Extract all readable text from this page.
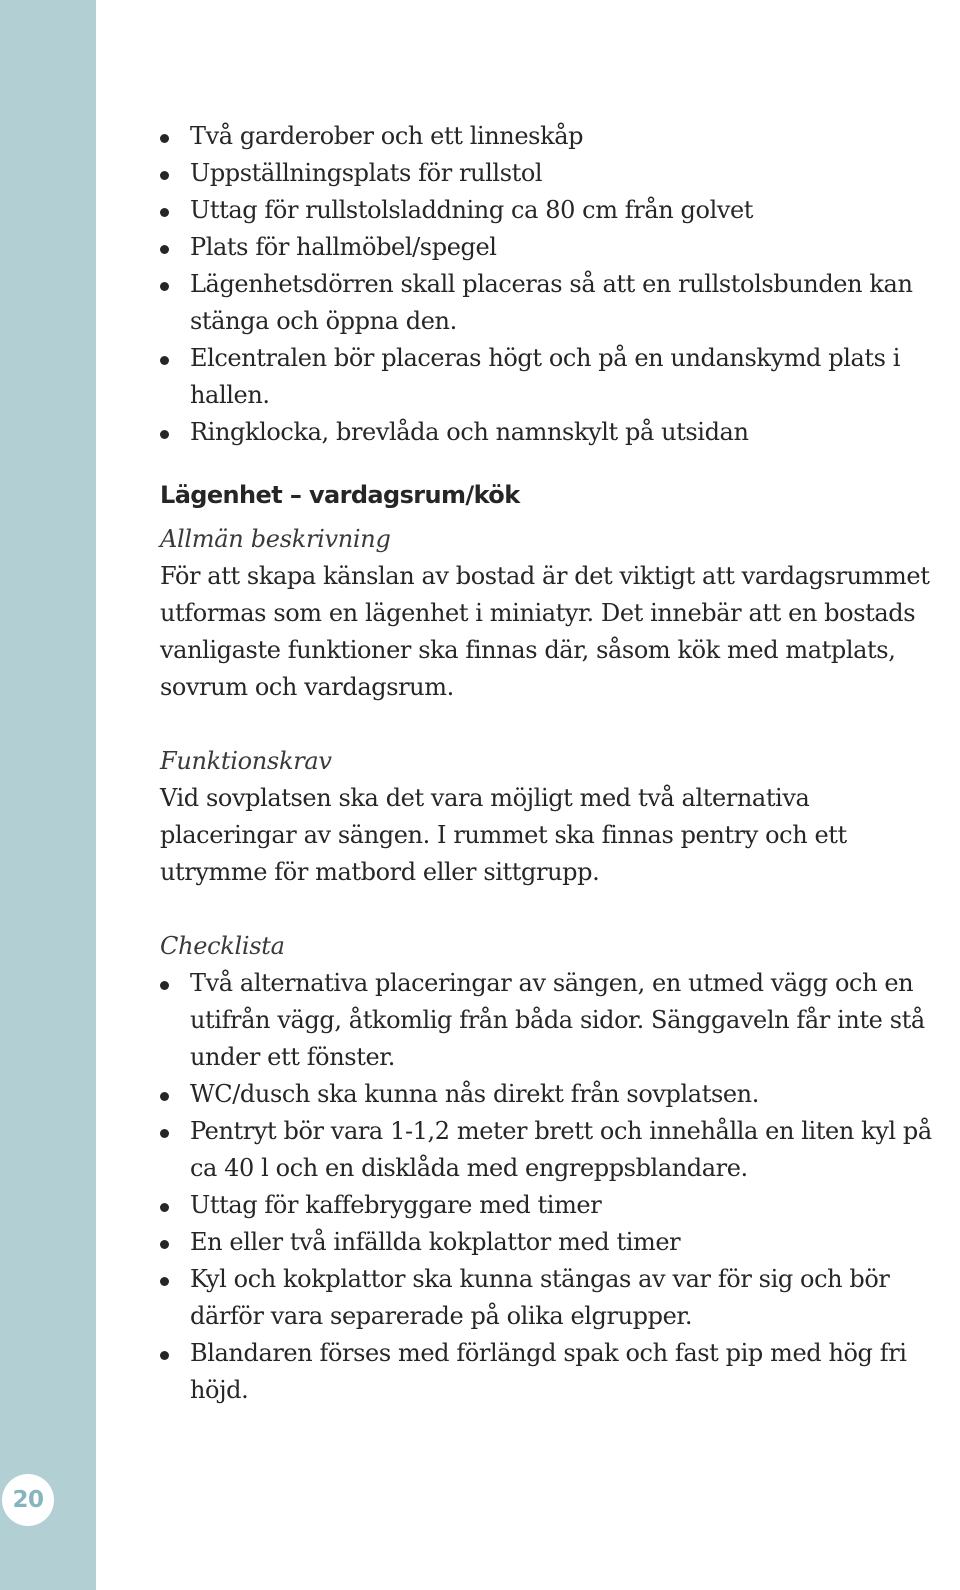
20
Två garderober och ett linneskåp
Uppställningsplats för rullstol
Uttag för rullstolsladdning ca 80 cm från golvet
Plats för hallmöbel/spegel
Lägenhetsdörren skall placeras så att en rullstolsbunden kan stänga och öppna den.
Elcentralen bör placeras högt och på en undanskymd plats i hallen.
Ringklocka, brevlåda och namnskylt på utsidan
Lägenhet – vardagsrum/kök
Allmän beskrivning

För att skapa känslan av bostad är det viktigt att vardagsrummet utformas som en lägenhet i miniatyr. Det innebär att en bostads vanligaste funktioner ska finnas där, såsom kök med matplats, sovrum och vardagsrum.

Funktionskrav

Vid sovplatsen ska det vara möjligt med två alternativa placeringar av sängen. I rummet ska finnas pentry och ett utrymme för matbord eller sittgrupp.

Checklista
Två alternativa placeringar av sängen, en utmed vägg och en utifrån vägg, åtkomlig från båda sidor. Sänggaveln får inte stå under ett fönster.
WC/dusch ska kunna nås direkt från sovplatsen.
Pentryt bör vara 1-1,2 meter brett och innehålla en liten kyl på ca 40 l och en disklåda med engreppsblandare.
Uttag för kaffebryggare med timer
En eller två infällda kokplattor med timer
Kyl och kokplattor ska kunna stängas av var för sig och bör därför vara separerade på olika elgrupper.
Blandaren förses med förlängd spak och fast pip med hög fri höjd.
